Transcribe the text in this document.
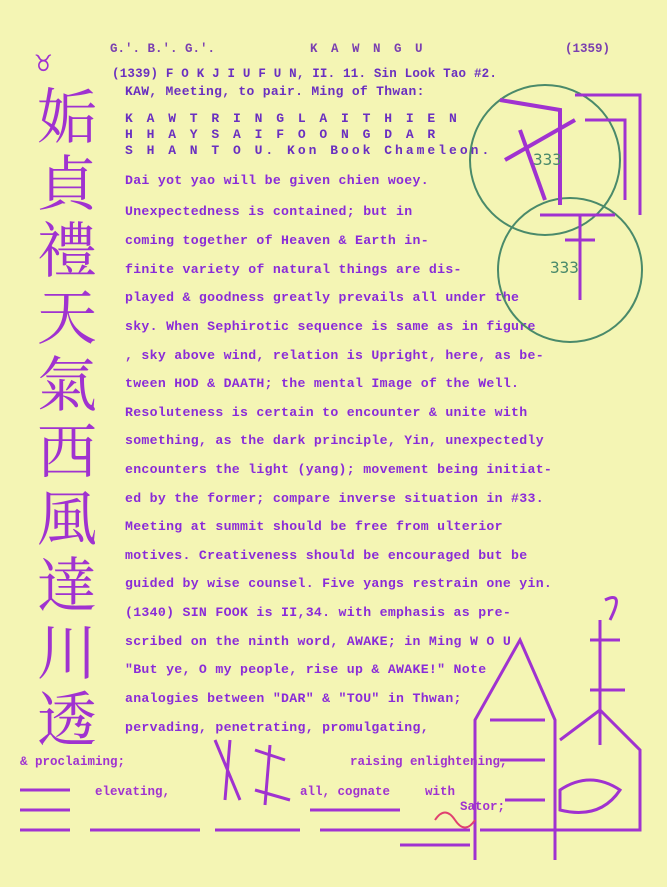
♉	G.'. B.'. G.'.	K A W N G U	(1359)
(1339) F O K J I U F U N, II. 11. Sin Look Tao #2.
KAW, Meeting, to pair. Ming of Thwan:
K A W T R I N G L A I T H I E N
H H A Y S A I F O O N G D A R
S H A N T O U. Kon Book Chameleon.
Dai yot yao will be given chien woey.
Unexpectedness is contained; but in
coming together of Heaven & Earth in-
finite variety of natural things are dis-
played & goodness greatly prevails all under the
sky. When Sephirotic sequence is same as in figure
, sky above wind, relation is Upright, here, as be-
tween HOD & DAATH; the mental Image of the Well.
Resoluteness is certain to encounter & unite with
something, as the dark principle, Yin, unexpectedly
encounters the light (yang); movement being initiat-
ed by the former; compare inverse situation in #33.
Meeting at summit should be free from ulterior
motives. Creativeness should be encouraged but be
guided by wise counsel. Five yangs restrain one yin.
(1340) SIN FOOK is II,34. with emphasis as pre-
scribed on the ninth word, AWAKE; in Ming W O U
"But ye, O my people, rise up & AWAKE!" Note
analogies between "DAR" & "TOU" in Thwan;
pervading, penetrating, promulgating,
& proclaiming;	raising enlightening,
elevating,	all, cognate	with
Sator;
姤
貞
禮
天
氣
西
風
達
川
透
333
333
